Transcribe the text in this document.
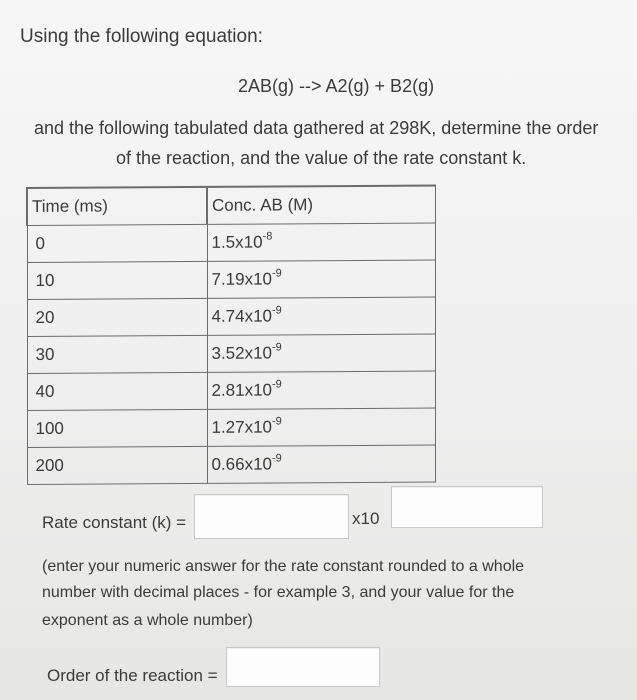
Using the following equation:
2AB(g) --> A2(g) + B2(g)
and the following tabulated data gathered at 298K, determine the order
of the reaction, and the value of the rate constant k.
Time (ms)	Conc. AB (M)
0	$1.5x10^{-8}$
10	$7.19x10^{-9}$
20	$4.74x10^{-9}$
30	$3.52x10^{-9}$
40	$2.81x10^{-9}$
100	$1.27x10^{-9}$
200	$0.66x10^{-9}$
Rate constant (k) =	x10
(enter your numeric answer for the rate constant rounded to a whole
number with decimal places - for example 3, and your value for the
exponent as a whole number)
Order of the reaction =
